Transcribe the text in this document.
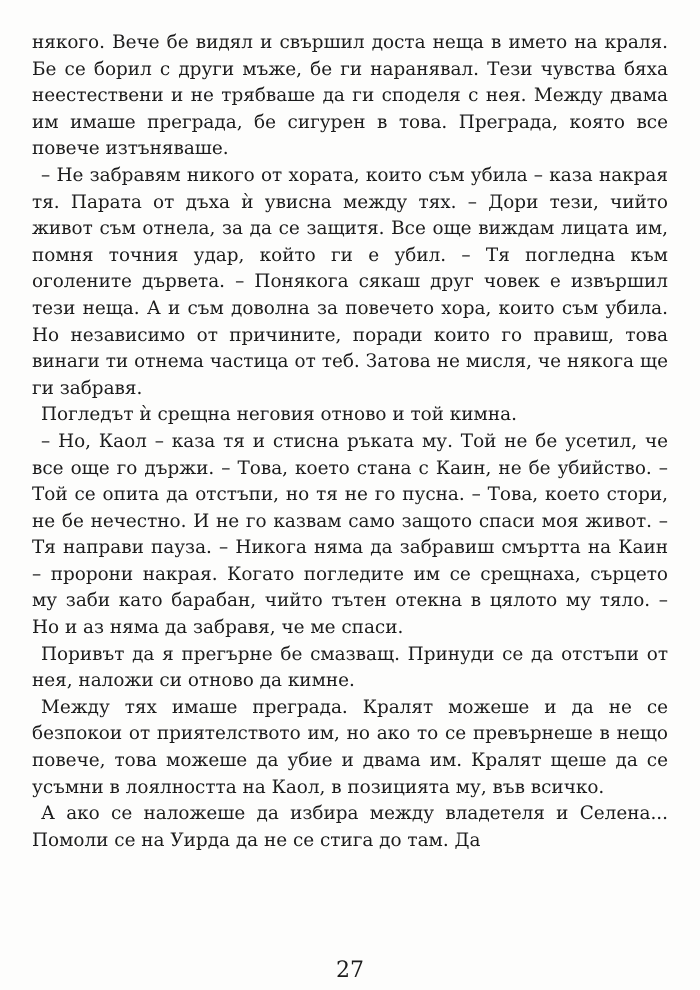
някого. Вече бе видял и свършил доста неща в името на краля. Бе се борил с други мъже, бе ги наранявал. Тези чувства бяха неестествени и не трябваше да ги споделя с нея. Между двама им имаше преграда, бе сигурен в това. Преграда, която все повече изтъняваше.

– Не забравям никого от хората, които съм убила – каза накрая тя. Парата от дъха ѝ увисна между тях. – Дори тези, чийто живот съм отнела, за да се защитя. Все още виждам лицата им, помня точния удар, който ги е убил. – Тя погледна към оголените дървета. – Понякога сякаш друг човек е извършил тези неща. А и съм доволна за повечето хора, които съм убила. Но независимо от причините, поради които го правиш, това винаги ти отнема частица от теб. Затова не мисля, че някога ще ги забравя.

Погледът ѝ срещна неговия отново и той кимна.

– Но, Каол – каза тя и стисна ръката му. Той не бе усетил, че все още го държи. – Това, което стана с Каин, не бе убийство. – Той се опита да отстъпи, но тя не го пусна. – Това, което стори, не бе нечестно. И не го казвам само защото спаси моя живот. – Тя направи пауза. – Никога няма да забравиш смъртта на Каин – пророни накрая. Когато погледите им се срещнаха, сърцето му заби като барабан, чийто тътен отекна в цялото му тяло. – Но и аз няма да забравя, че ме спаси.

Поривът да я прегърне бе смазващ. Принуди се да отстъпи от нея, наложи си отново да кимне.

Между тях имаше преграда. Кралят можеше и да не се безпокои от приятелството им, но ако то се превърнеше в нещо повече, това можеше да убие и двама им. Кралят щеше да се усъмни в лоялността на Каол, в позицията му, във всичко.

А ако се наложеше да избира между владетеля и Селена... Помоли се на Уирда да не се стига до там. Да

27
